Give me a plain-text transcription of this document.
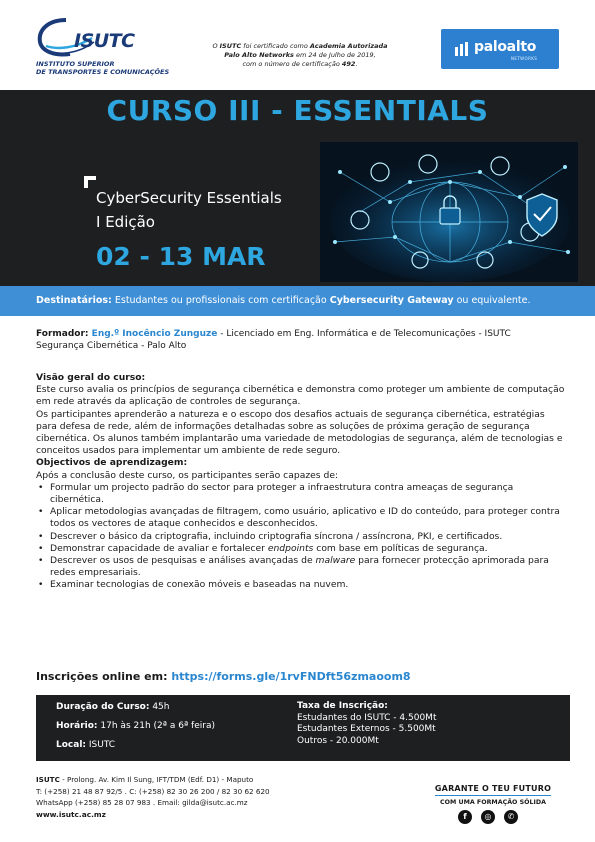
ISUTC
INSTITUTO SUPERIOR
DE TRANSPORTES E COMUNICAÇÕES
O ISUTC foi certificado como Academia Autorizada
Palo Alto Networks em 24 de Julho de 2019,
com o número de certificação 492.
paloalto
NETWORKS
CURSO III - ESSENTIALS
CyberSecurity Essentials
I Edição
02 - 13 MAR
Destinatários: Estudantes ou profissionais com certificação Cybersecurity Gateway ou equivalente.
Formador: Eng.º Inocêncio Zunguze - Licenciado em Eng. Informática e de Telecomunicações - ISUTC
Segurança Cibernética - Palo Alto
Visão geral do curso:
Este curso avalia os princípios de segurança cibernética e demonstra como proteger um ambiente de computação em rede através da aplicação de controles de segurança.
Os participantes aprenderão a natureza e o escopo dos desafios actuais de segurança cibernética, estratégias para defesa de rede, além de informações detalhadas sobre as soluções de próxima geração de segurança cibernética. Os alunos também implantarão uma variedade de metodologias de segurança, além de tecnologias e conceitos usados para implementar um ambiente de rede seguro.
Objectivos de aprendizagem:
Após a conclusão deste curso, os participantes serão capazes de:
• Formular um projecto padrão do sector para proteger a infraestrutura contra ameaças de segurança cibernética.
• Aplicar metodologias avançadas de filtragem, como usuário, aplicativo e ID do conteúdo, para proteger contra todos os vectores de ataque conhecidos e desconhecidos.
• Descrever o básico da criptografia, incluindo criptografia síncrona / assíncrona, PKI, e certificados.
• Demonstrar capacidade de avaliar e fortalecer endpoints com base em políticas de segurança.
• Descrever os usos de pesquisas e análises avançadas de malware para fornecer protecção aprimorada para redes empresariais.
• Examinar tecnologias de conexão móveis e baseadas na nuvem.
Inscrições online em: https://forms.gle/1rvFNDft56zmaoom8
Duração do Curso: 45h
Horário: 17h às 21h (2ª a 6ª feira)
Local: ISUTC
Taxa de Inscrição:
Estudantes do ISUTC - 4.500Mt
Estudantes Externos - 5.500Mt
Outros - 20.000Mt
ISUTC - Prolong. Av. Kim Il Sung, IFT/TDM (Edf. D1) - Maputo
T: (+258) 21 48 87 92/5 . C: (+258) 82 30 26 200 / 82 30 62 620
WhatsApp (+258) 85 28 07 983 . Email: gilda@isutc.ac.mz
www.isutc.ac.mz
GARANTE O TEU FUTURO
COM UMA FORMAÇÃO SÓLIDA
f	◎	✆
